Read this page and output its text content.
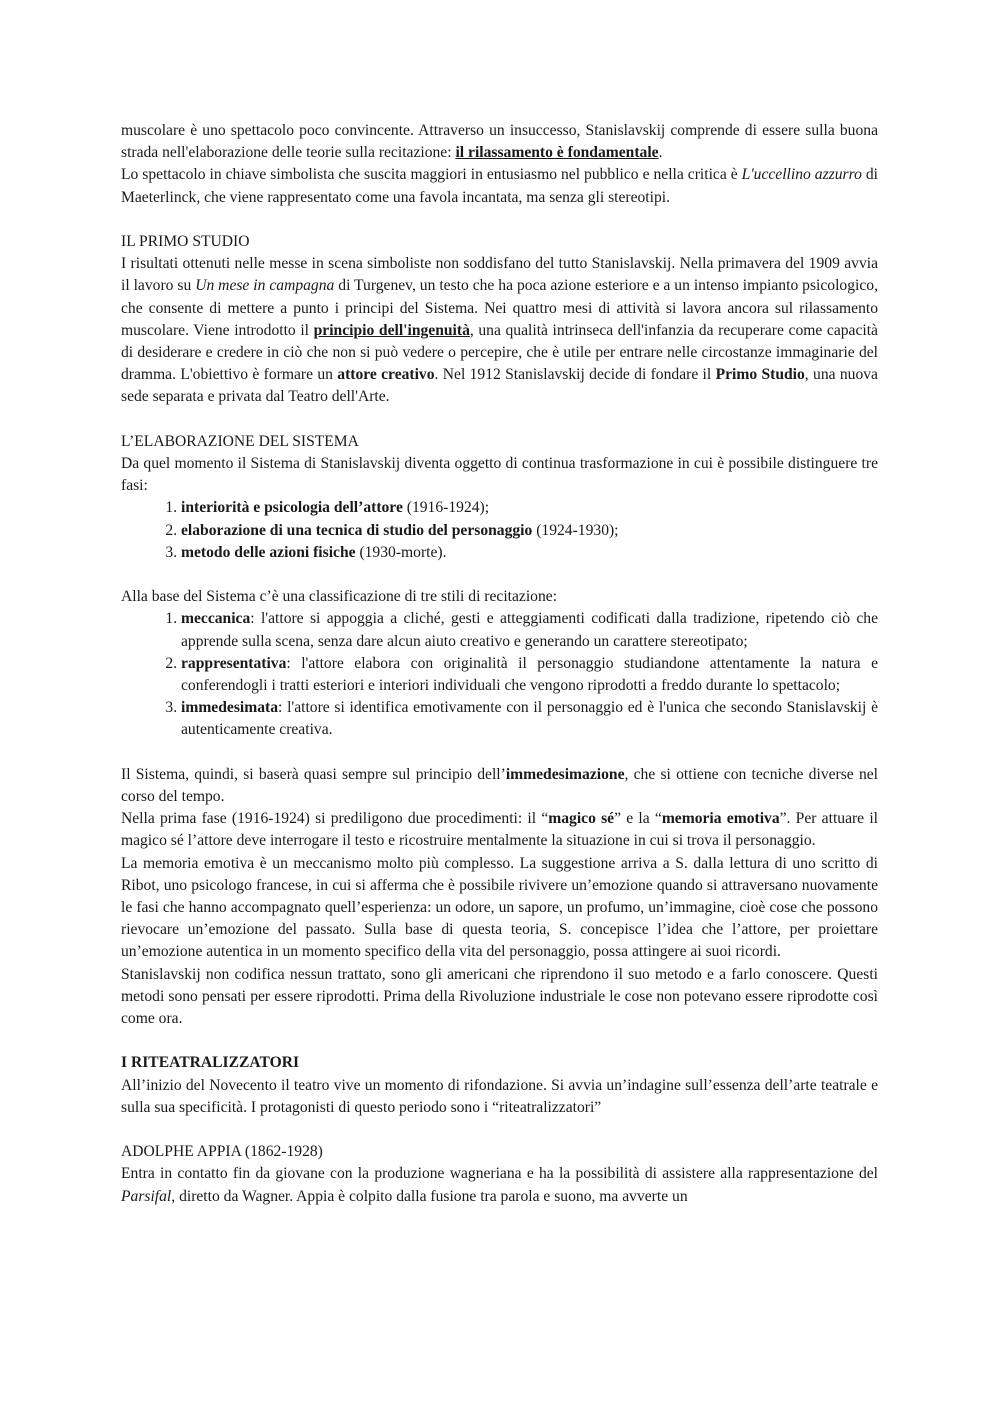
muscolare è uno spettacolo poco convincente. Attraverso un insuccesso, Stanislavskij comprende di essere sulla buona strada nell'elaborazione delle teorie sulla recitazione: il rilassamento è fondamentale.

Lo spettacolo in chiave simbolista che suscita maggiori in entusiasmo nel pubblico e nella critica è L'uccellino azzurro di Maeterlinck, che viene rappresentato come una favola incantata, ma senza gli stereotipi.

IL PRIMO STUDIO

I risultati ottenuti nelle messe in scena simboliste non soddisfano del tutto Stanislavskij. Nella primavera del 1909 avvia il lavoro su Un mese in campagna di Turgenev, un testo che ha poca azione esteriore e a un intenso impianto psicologico, che consente di mettere a punto i principi del Sistema. Nei quattro mesi di attività si lavora ancora sul rilassamento muscolare. Viene introdotto il principio dell'ingenuità, una qualità intrinseca dell'infanzia da recuperare come capacità di desiderare e credere in ciò che non si può vedere o percepire, che è utile per entrare nelle circostanze immaginarie del dramma. L'obiettivo è formare un attore creativo. Nel 1912 Stanislavskij decide di fondare il Primo Studio, una nuova sede separata e privata dal Teatro dell'Arte.

L’ELABORAZIONE DEL SISTEMA

Da quel momento il Sistema di Stanislavskij diventa oggetto di continua trasformazione in cui è possibile distinguere tre fasi:

1. interiorità e psicologia dell’attore (1916-1924);
2. elaborazione di una tecnica di studio del personaggio (1924-1930);
3. metodo delle azioni fisiche (1930-morte).

Alla base del Sistema c’è una classificazione di tre stili di recitazione:

1. meccanica: l'attore si appoggia a cliché, gesti e atteggiamenti codificati dalla tradizione, ripetendo ciò che apprende sulla scena, senza dare alcun aiuto creativo e generando un carattere stereotipato;
2. rappresentativa: l'attore elabora con originalità il personaggio studiandone attentamente la natura e conferendogli i tratti esteriori e interiori individuali che vengono riprodotti a freddo durante lo spettacolo;
3. immedesimata: l'attore si identifica emotivamente con il personaggio ed è l'unica che secondo Stanislavskij è autenticamente creativa.

Il Sistema, quindi, si baserà quasi sempre sul principio dell’immedesimazione, che si ottiene con tecniche diverse nel corso del tempo.

Nella prima fase (1916-1924) si prediligono due procedimenti: il “magico sé” e la “memoria emotiva”. Per attuare il magico sé l’attore deve interrogare il testo e ricostruire mentalmente la situazione in cui si trova il personaggio.

La memoria emotiva è un meccanismo molto più complesso. La suggestione arriva a S. dalla lettura di uno scritto di Ribot, uno psicologo francese, in cui si afferma che è possibile rivivere un’emozione quando si attraversano nuovamente le fasi che hanno accompagnato quell’esperienza: un odore, un sapore, un profumo, un’immagine, cioè cose che possono rievocare un’emozione del passato. Sulla base di questa teoria, S. concepisce l’idea che l’attore, per proiettare un’emozione autentica in un momento specifico della vita del personaggio, possa attingere ai suoi ricordi.

Stanislavskij non codifica nessun trattato, sono gli americani che riprendono il suo metodo e a farlo conoscere. Questi metodi sono pensati per essere riprodotti. Prima della Rivoluzione industriale le cose non potevano essere riprodotte così come ora.

I RITEATRALIZZATORI

All’inizio del Novecento il teatro vive un momento di rifondazione. Si avvia un’indagine sull’essenza dell’arte teatrale e sulla sua specificità. I protagonisti di questo periodo sono i “riteatralizzatori”

ADOLPHE APPIA (1862-1928)

Entra in contatto fin da giovane con la produzione wagneriana e ha la possibilità di assistere alla rappresentazione del Parsifal, diretto da Wagner. Appia è colpito dalla fusione tra parola e suono, ma avverte un
